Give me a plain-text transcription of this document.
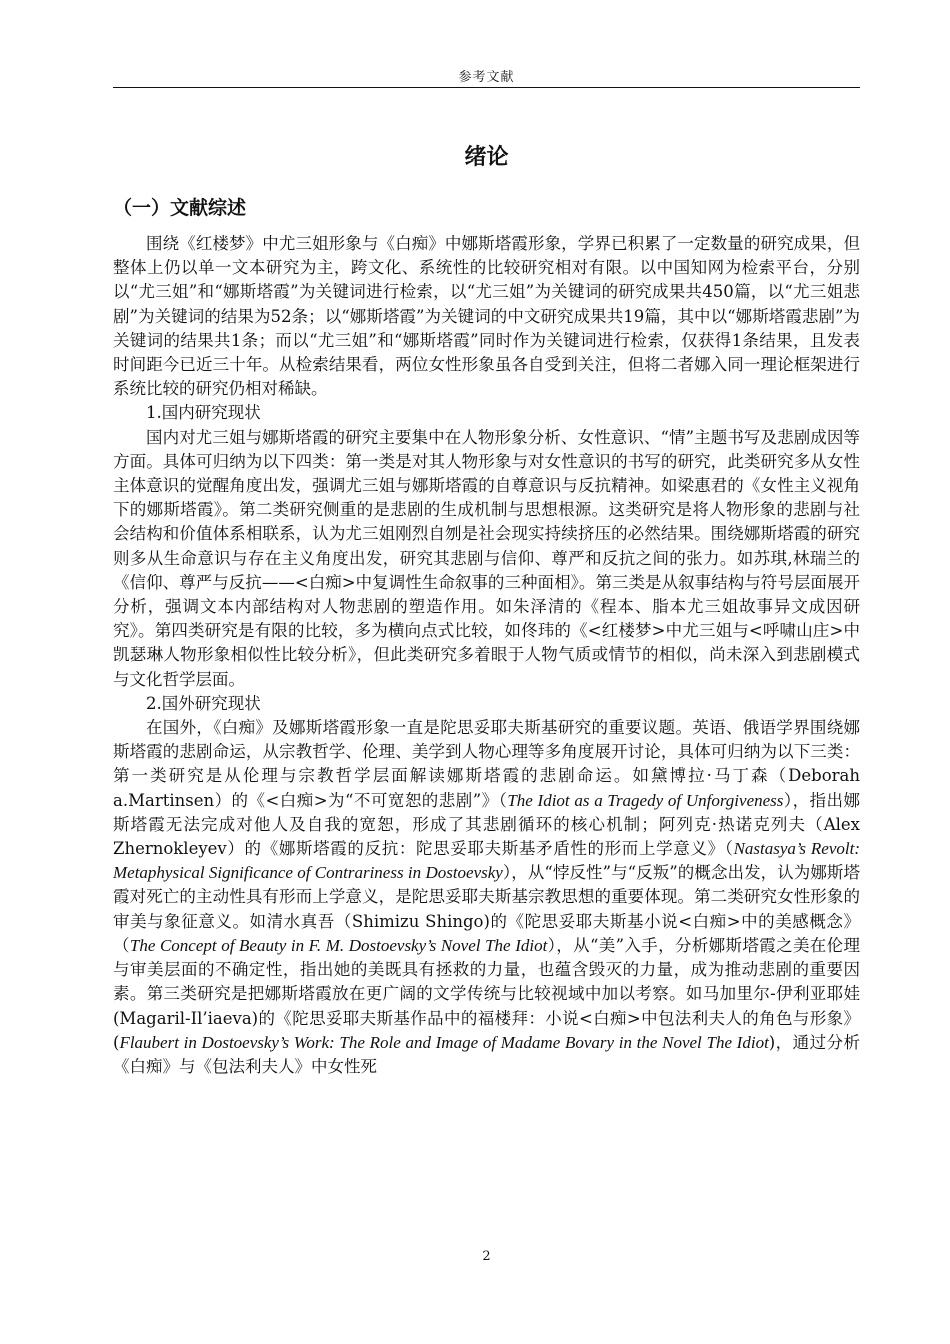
参考文献
绪论
（一）文献综述

围绕《红楼梦》中尤三姐形象与《白痴》中娜斯塔霞形象，学界已积累了一定数量的研究成果，但整体上仍以单一文本研究为主，跨文化、系统性的比较研究相对有限。以中国知网为检索平台，分别以“尤三姐”和“娜斯塔霞”为关键词进行检索，以“尤三姐”为关键词的研究成果共450篇，以“尤三姐悲剧”为关键词的结果为52条；以“娜斯塔霞”为关键词的中文研究成果共19篇，其中以“娜斯塔霞悲剧”为关键词的结果共1条；而以“尤三姐”和“娜斯塔霞”同时作为关键词进行检索，仅获得1条结果，且发表时间距今已近三十年。从检索结果看，两位女性形象虽各自受到关注，但将二者娜入同一理论框架进行系统比较的研究仍相对稀缺。

1.国内研究现状

国内对尤三姐与娜斯塔霞的研究主要集中在人物形象分析、女性意识、“情”主题书写及悲剧成因等方面。具体可归纳为以下四类：第一类是对其人物形象与对女性意识的书写的研究，此类研究多从女性主体意识的觉醒角度出发，强调尤三姐与娜斯塔霞的自尊意识与反抗精神。如梁惠君的《女性主义视角下的娜斯塔霞》。第二类研究侧重的是悲剧的生成机制与思想根源。这类研究是将人物形象的悲剧与社会结构和价值体系相联系，认为尤三姐刚烈自刎是社会现实持续挤压的必然结果。围绕娜斯塔霞的研究则多从生命意识与存在主义角度出发，研究其悲剧与信仰、尊严和反抗之间的张力。如苏琪,林瑞兰的《信仰、尊严与反抗——<白痴>中复调性生命叙事的三种面相》。第三类是从叙事结构与符号层面展开分析，强调文本内部结构对人物悲剧的塑造作用。如朱泽清的《程本、脂本尤三姐故事异文成因研究》。第四类研究是有限的比较，多为横向点式比较，如佟玮的《<红楼梦>中尤三姐与<呼啸山庄>中凯瑟琳人物形象相似性比较分析》，但此类研究多着眼于人物气质或情节的相似，尚未深入到悲剧模式与文化哲学层面。

2.国外研究现状

在国外，《白痴》及娜斯塔霞形象一直是陀思妥耶夫斯基研究的重要议题。英语、俄语学界围绕娜斯塔霞的悲剧命运，从宗教哲学、伦理、美学到人物心理等多角度展开讨论，具体可归纳为以下三类：第一类研究是从伦理与宗教哲学层面解读娜斯塔霞的悲剧命运。如黛博拉·马丁森（Deborah a.Martinsen）的《<白痴>为“不可宽恕的悲剧”》（The Idiot as a Tragedy of Unforgiveness），指出娜斯塔霞无法完成对他人及自我的宽恕，形成了其悲剧循环的核心机制；阿列克·热诺克列夫（Alex Zhernokleyev）的《娜斯塔霞的反抗：陀思妥耶夫斯基矛盾性的形而上学意义》（Nastasya’s Revolt: Metaphysical Significance of Contrariness in Dostoevsky），从“悖反性”与“反叛”的概念出发，认为娜斯塔霞对死亡的主动性具有形而上学意义，是陀思妥耶夫斯基宗教思想的重要体现。第二类研究女性形象的审美与象征意义。如清水真吾（Shimizu Shingo)的《陀思妥耶夫斯基小说<白痴>中的美感概念》（The Concept of Beauty in F. M. Dostoevsky’s Novel The Idiot），从“美”入手，分析娜斯塔霞之美在伦理与审美层面的不确定性，指出她的美既具有拯救的力量，也蕴含毁灭的力量，成为推动悲剧的重要因素。第三类研究是把娜斯塔霞放在更广阔的文学传统与比较视域中加以考察。如马加里尔-伊利亚耶娃(Magaril-Il’iaeva)的《陀思妥耶夫斯基作品中的福楼拜：小说<白痴>中包法利夫人的角色与形象》(Flaubert in Dostoevsky’s Work: The Role and Image of Madame Bovary in the Novel The Idiot)，通过分析《白痴》与《包法利夫人》中女性死

2
